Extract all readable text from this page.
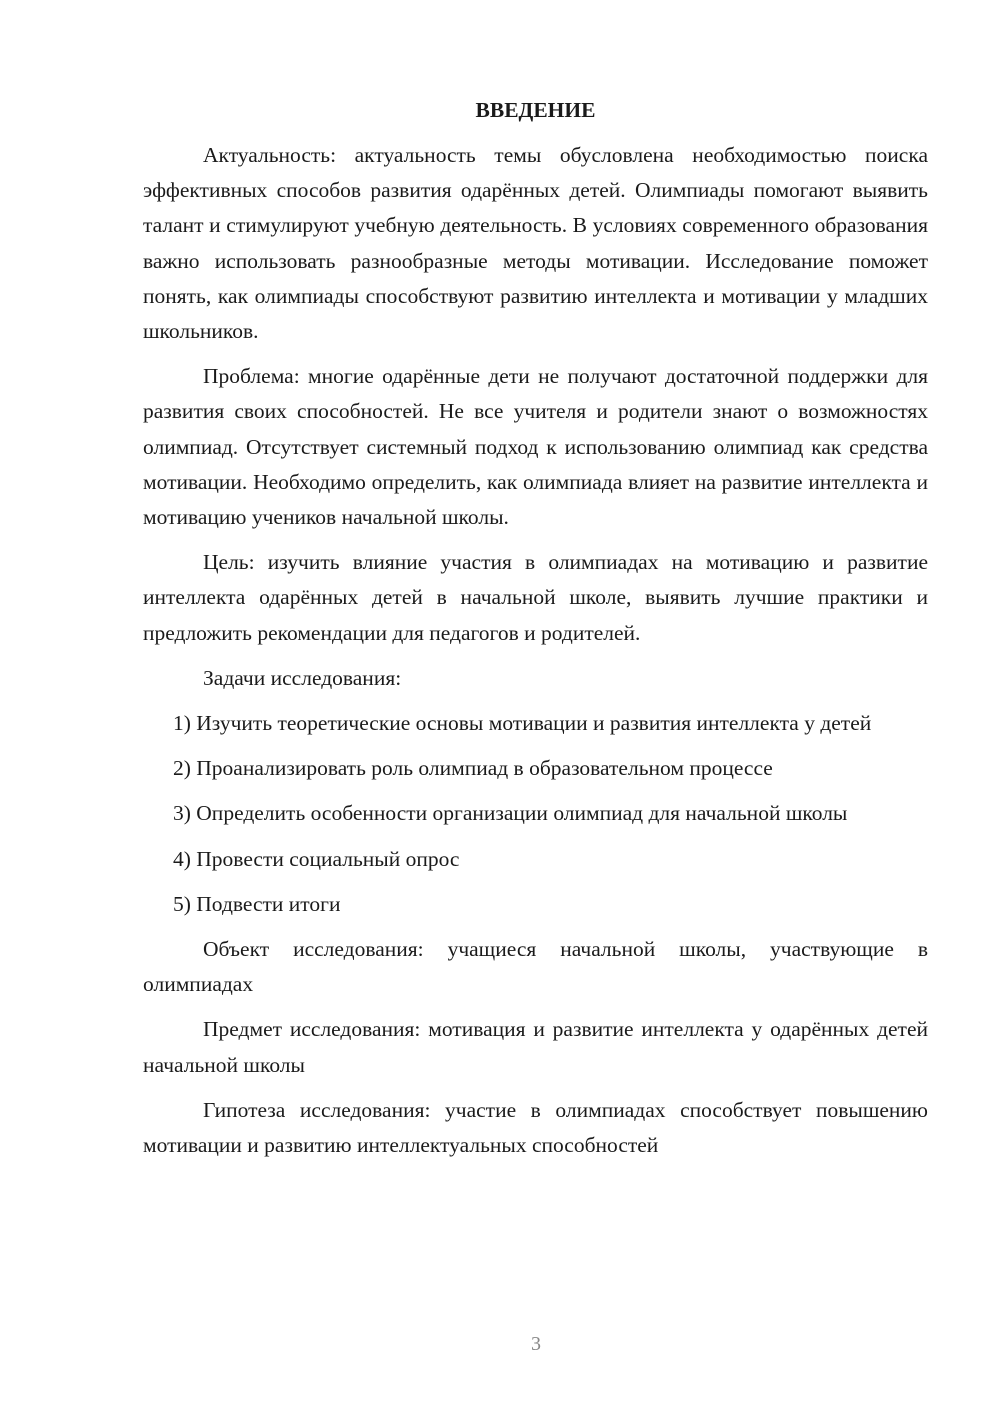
ВВЕДЕНИЕ

Актуальность: актуальность темы обусловлена необходимостью поиска эффективных способов развития одарённых детей. Олимпиады помогают выявить талант и стимулируют учебную деятельность. В условиях современного образования важно использовать разнообразные методы мотивации. Исследование поможет понять, как олимпиады способствуют развитию интеллекта и мотивации у младших школьников.

Проблема: многие одарённые дети не получают достаточной поддержки для развития своих способностей. Не все учителя и родители знают о возможностях олимпиад. Отсутствует системный подход к использованию олимпиад как средства мотивации. Необходимо определить, как олимпиада влияет на развитие интеллекта и мотивацию учеников начальной школы.

Цель: изучить влияние участия в олимпиадах на мотивацию и развитие интеллекта одарённых детей в начальной школе, выявить лучшие практики и предложить рекомендации для педагогов и родителей.

Задачи исследования:

1) Изучить теоретические основы мотивации и развития интеллекта у детей

2) Проанализировать роль олимпиад в образовательном процессе

3) Определить особенности организации олимпиад для начальной школы

4) Провести социальный опрос

5) Подвести итоги

Объект исследования: учащиеся начальной школы, участвующие в олимпиадах

Предмет исследования: мотивация и развитие интеллекта у одарённых детей начальной школы

Гипотеза исследования: участие в олимпиадах способствует повышению мотивации и развитию интеллектуальных способностей

3
